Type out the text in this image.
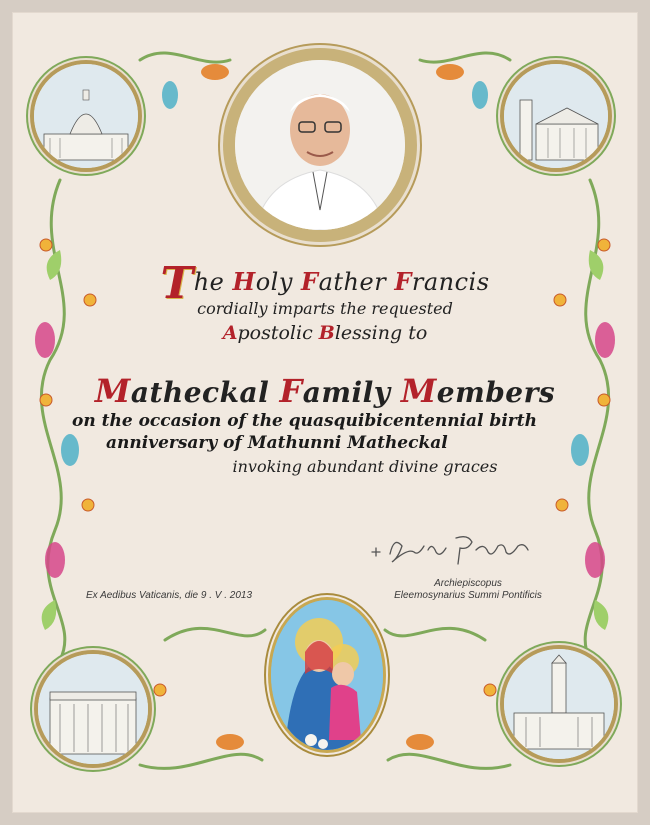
The Holy Father Francis
cordially imparts the requested
Apostolic Blessing to
Matheckal Family Members
on the occasion of the quasquibicentennial birth
anniversary of Mathunni Matheckal
invoking abundant divine graces
Archiepiscopus
Eleemosynarius Summi Pontificis
Ex Aedibus Vaticanis, die 9 . V . 2013
